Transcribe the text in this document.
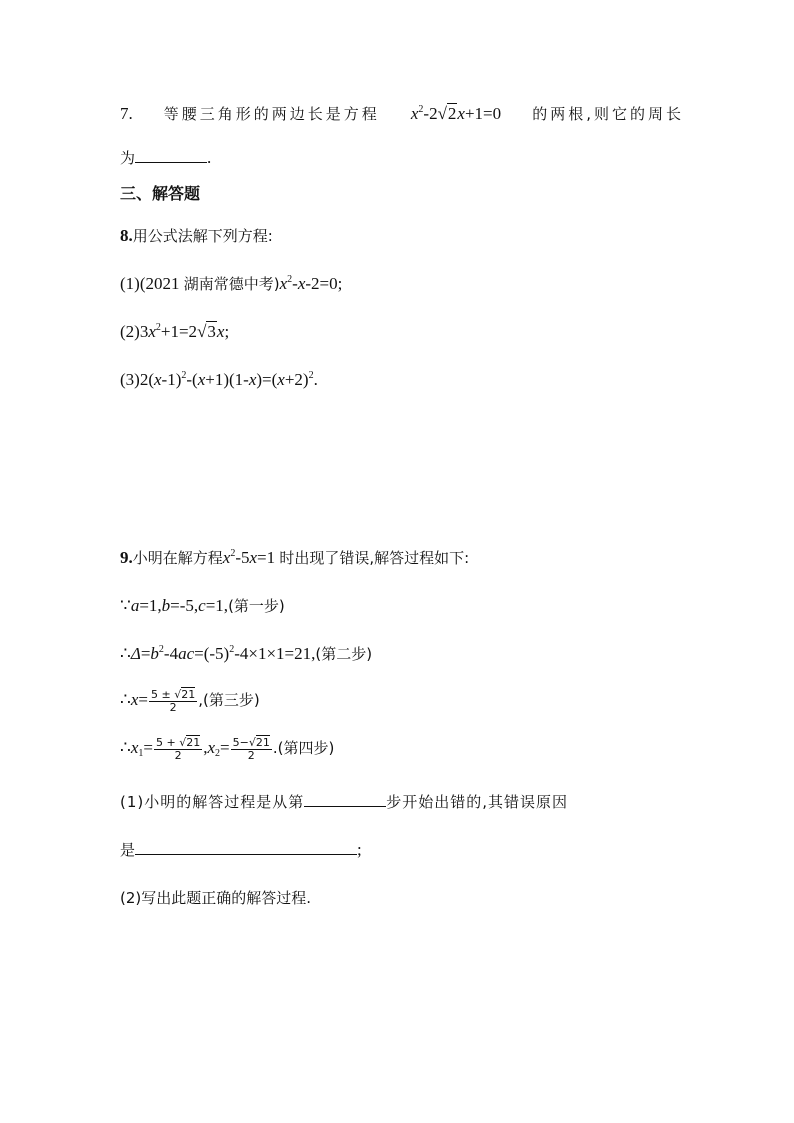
7. 等腰三角形的两边长是方程 $x^2-2√2x+1=0$ 的两根,则它的周长
为	.
三、解答题
8.用公式法解下列方程:
(1)(2021 湖南常德中考)$x^2-x-2=0$;
$(2)3x^2+1=2√3x$;
$(3)2(x-1)^2-(x+1)(1-x)=(x+2)^2$.
9.小明在解方程$x^2-5x=1$ 时出现了错误,解答过程如下:
∵a=1,b=-5,c=1,(第一步)
$\therefore\Delta=b^2-4ac=(-5)^2-4\times 1\times 1=21$,(第二步)
∴x= $\frac{5 \pm √21}{2}$ ,(第三步)
$\therefore x_1= \frac{5 + √21}{2} ,x_2= \frac{5-√21}{2}$ .(第四步)
(1)小明的解答过程是从第	步开始出错的,其错误原因
是	;
(2)写出此题正确的解答过程.
